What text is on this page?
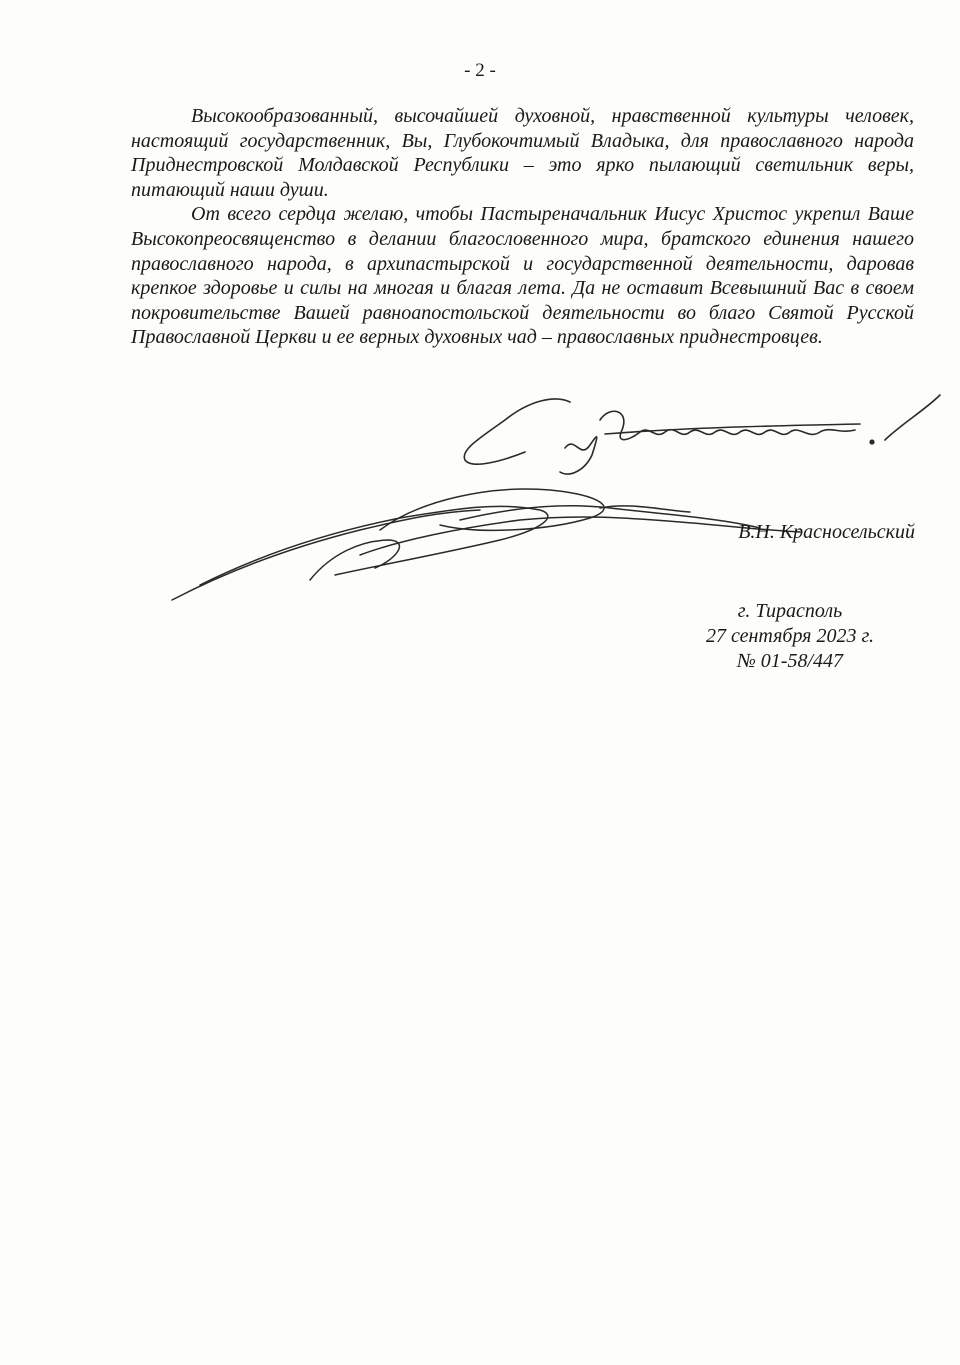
- 2 -

Высокообразованный, высочайшей духовной, нравственной культуры человек, настоящий государственник, Вы, Глубокочтимый Владыка, для православного народа Приднестровской Молдавской Республики – это ярко пылающий светильник веры, питающий наши души.

От всего сердца желаю, чтобы Пастыреначальник Иисус Христос укрепил Ваше Высокопреосвященство в делании благословенного мира, братского единения нашего православного народа, в архипастырской и государственной деятельности, даровав крепкое здоровье и силы на многая и благая лета. Да не оставит Всевышний Вас в своем покровительстве Вашей равноапостольской деятельности во благо Святой Русской Православной Церкви и ее верных духовных чад – православных приднестровцев.

В.Н. Красносельский
г. Тирасполь
27 сентября 2023 г.
№ 01-58/447
